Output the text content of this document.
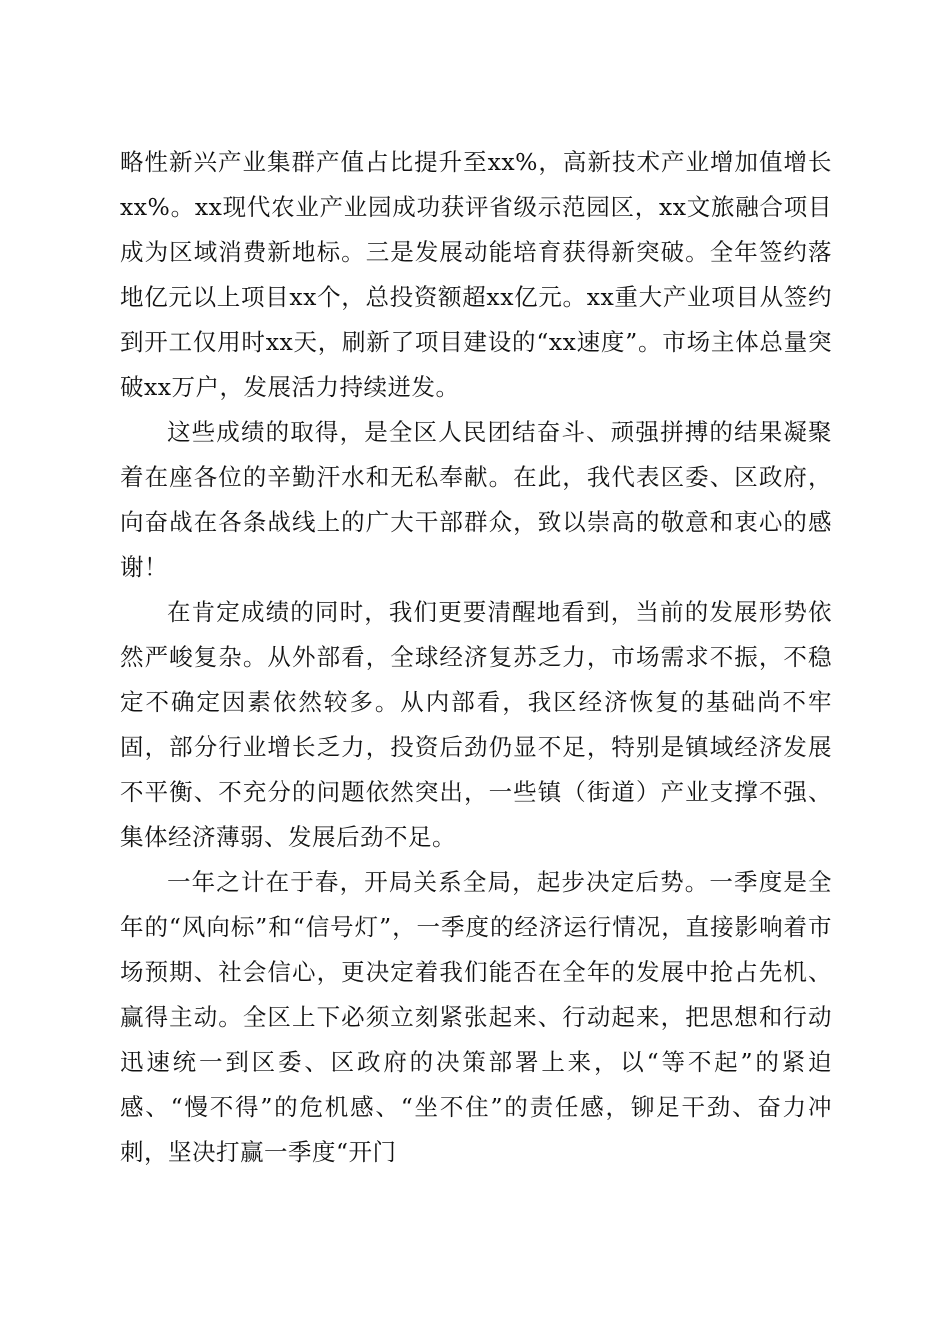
略性新兴产业集群产值占比提升至xx%，高新技术产业增加值增长xx%。xx现代农业产业园成功获评省级示范园区，xx文旅融合项目成为区域消费新地标。三是发展动能培育获得新突破。全年签约落地亿元以上项目xx个，总投资额超xx亿元。xx重大产业项目从签约到开工仅用时xx天，刷新了项目建设的“xx速度”。市场主体总量突破xx万户，发展活力持续迸发。

这些成绩的取得，是全区人民团结奋斗、顽强拼搏的结果凝聚着在座各位的辛勤汗水和无私奉献。在此，我代表区委、区政府，向奋战在各条战线上的广大干部群众，致以崇高的敬意和衷心的感谢！

在肯定成绩的同时，我们更要清醒地看到，当前的发展形势依然严峻复杂。从外部看，全球经济复苏乏力，市场需求不振，不稳定不确定因素依然较多。从内部看，我区经济恢复的基础尚不牢固，部分行业增长乏力，投资后劲仍显不足，特别是镇域经济发展不平衡、不充分的问题依然突出，一些镇（街道）产业支撑不强、集体经济薄弱、发展后劲不足。

一年之计在于春，开局关系全局，起步决定后势。一季度是全年的“风向标”和“信号灯”，一季度的经济运行情况，直接影响着市场预期、社会信心，更决定着我们能否在全年的发展中抢占先机、赢得主动。全区上下必须立刻紧张起来、行动起来，把思想和行动迅速统一到区委、区政府的决策部署上来，以“等不起”的紧迫感、“慢不得”的危机感、“坐不住”的责任感，铆足干劲、奋力冲刺，坚决打赢一季度“开门
